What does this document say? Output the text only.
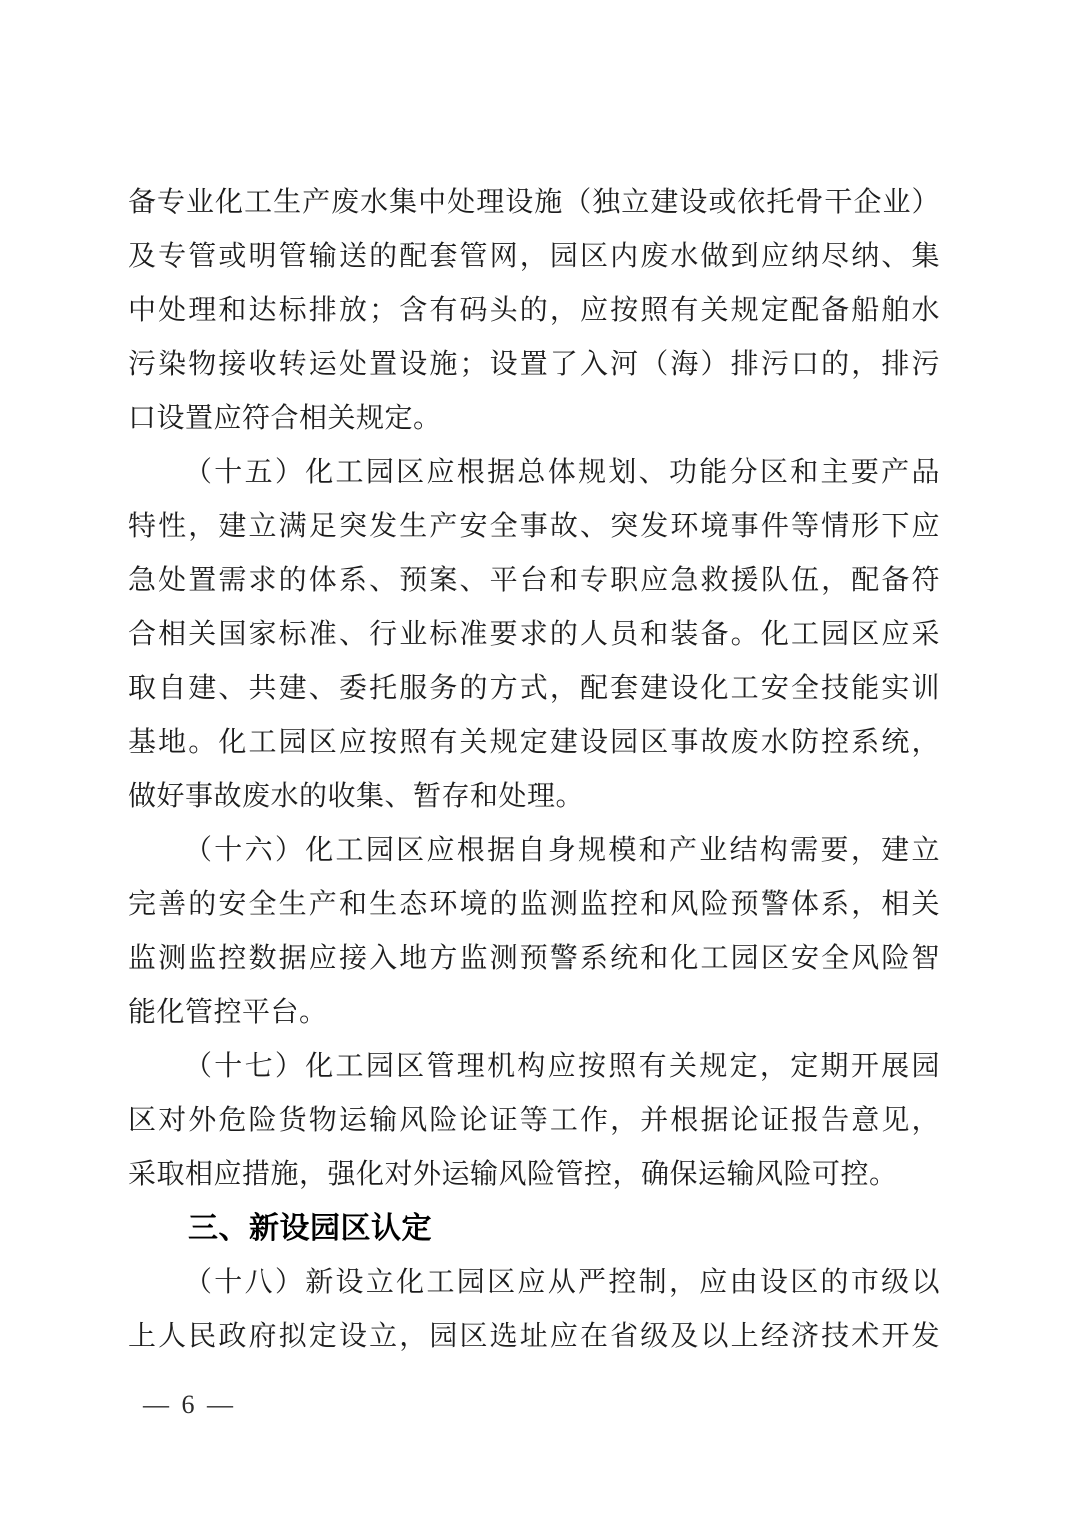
备专业化工生产废水集中处理设施（独立建设或依托骨干企业）
及专管或明管输送的配套管网，园区内废水做到应纳尽纳、集
中处理和达标排放；含有码头的，应按照有关规定配备船舶水
污染物接收转运处置设施；设置了入河（海）排污口的，排污
口设置应符合相关规定。
（十五）化工园区应根据总体规划、功能分区和主要产品
特性，建立满足突发生产安全事故、突发环境事件等情形下应
急处置需求的体系、预案、平台和专职应急救援队伍，配备符
合相关国家标准、行业标准要求的人员和装备。化工园区应采
取自建、共建、委托服务的方式，配套建设化工安全技能实训
基地。化工园区应按照有关规定建设园区事故废水防控系统，
做好事故废水的收集、暂存和处理。
（十六）化工园区应根据自身规模和产业结构需要，建立
完善的安全生产和生态环境的监测监控和风险预警体系，相关
监测监控数据应接入地方监测预警系统和化工园区安全风险智
能化管控平台。
（十七）化工园区管理机构应按照有关规定，定期开展园
区对外危险货物运输风险论证等工作，并根据论证报告意见，
采取相应措施，强化对外运输风险管控，确保运输风险可控。
三、新设园区认定
（十八）新设立化工园区应从严控制，应由设区的市级以
上人民政府拟定设立，园区选址应在省级及以上经济技术开发
— 6 —
